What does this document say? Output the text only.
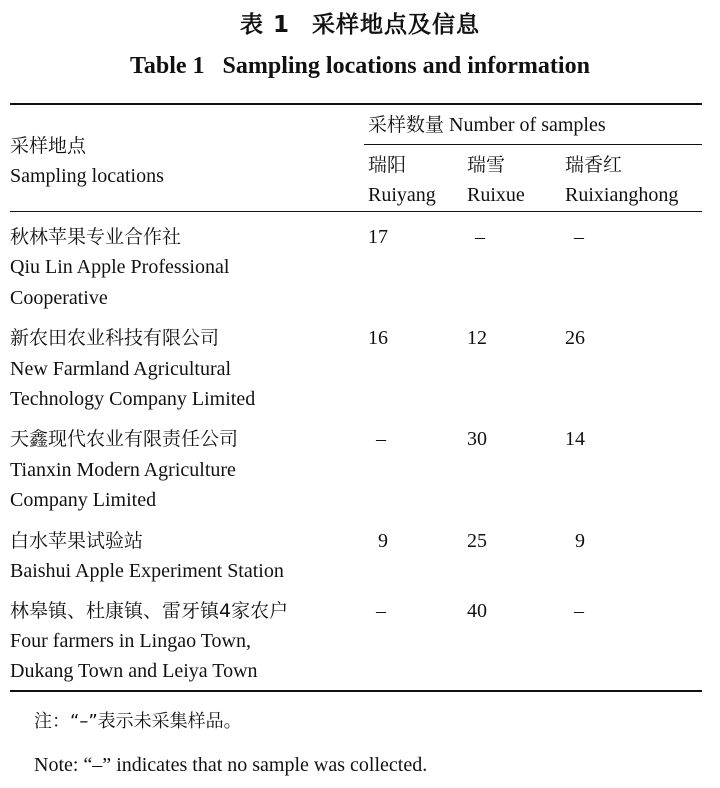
表 1 采样地点及信息
Table 1 Sampling locations and information
采样地点
Sampling locations
采样数量 Number of samples
瑞阳
Ruiyang
瑞雪
Ruixue
瑞香红
Ruixianghong
秋林苹果专业合作社
Qiu Lin Apple Professional
Cooperative
17	–	–
新农田农业科技有限公司
New Farmland Agricultural
Technology Company Limited
16	12	26
天鑫现代农业有限责任公司
Tianxin Modern Agriculture
Company Limited
–	30	14
白水苹果试验站
Baishui Apple Experiment Station
9	25	9
林皋镇、杜康镇、雷牙镇4家农户
Four farmers in Lingao Town,
Dukang Town and Leiya Town
–	40	–
注：“–”表示未采集样品。
Note: “–” indicates that no sample was collected.
